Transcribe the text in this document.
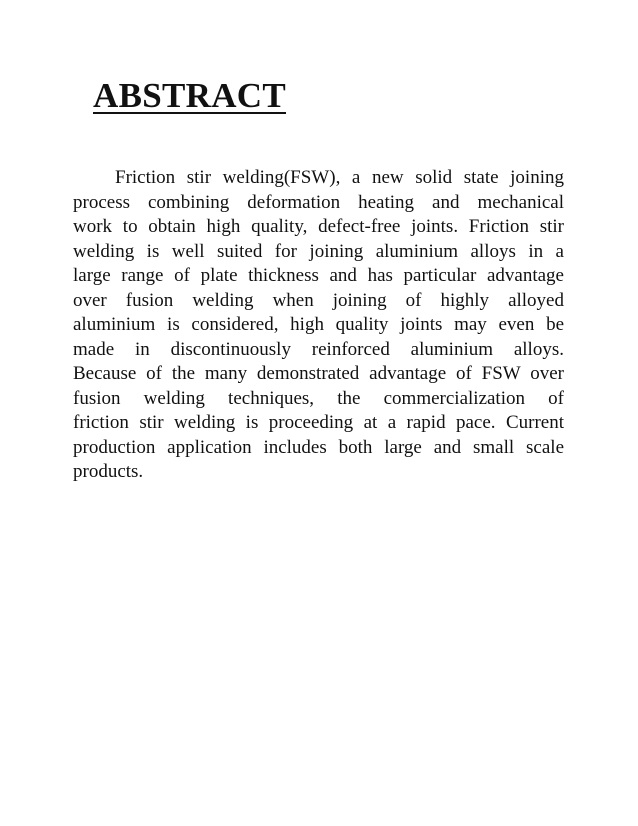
ABSTRACT
Friction stir welding(FSW), a new solid state joining
process combining deformation heating and mechanical
work to obtain high quality, defect-free joints. Friction stir
welding is well suited for joining aluminium alloys in a
large range of plate thickness and has particular advantage
over fusion welding when joining of highly alloyed
aluminium is considered, high quality joints may even be
made in discontinuously reinforced aluminium alloys.
Because of the many demonstrated advantage of FSW over
fusion welding techniques, the commercialization of
friction stir welding is proceeding at a rapid pace. Current
production application includes both large and small scale
products.
